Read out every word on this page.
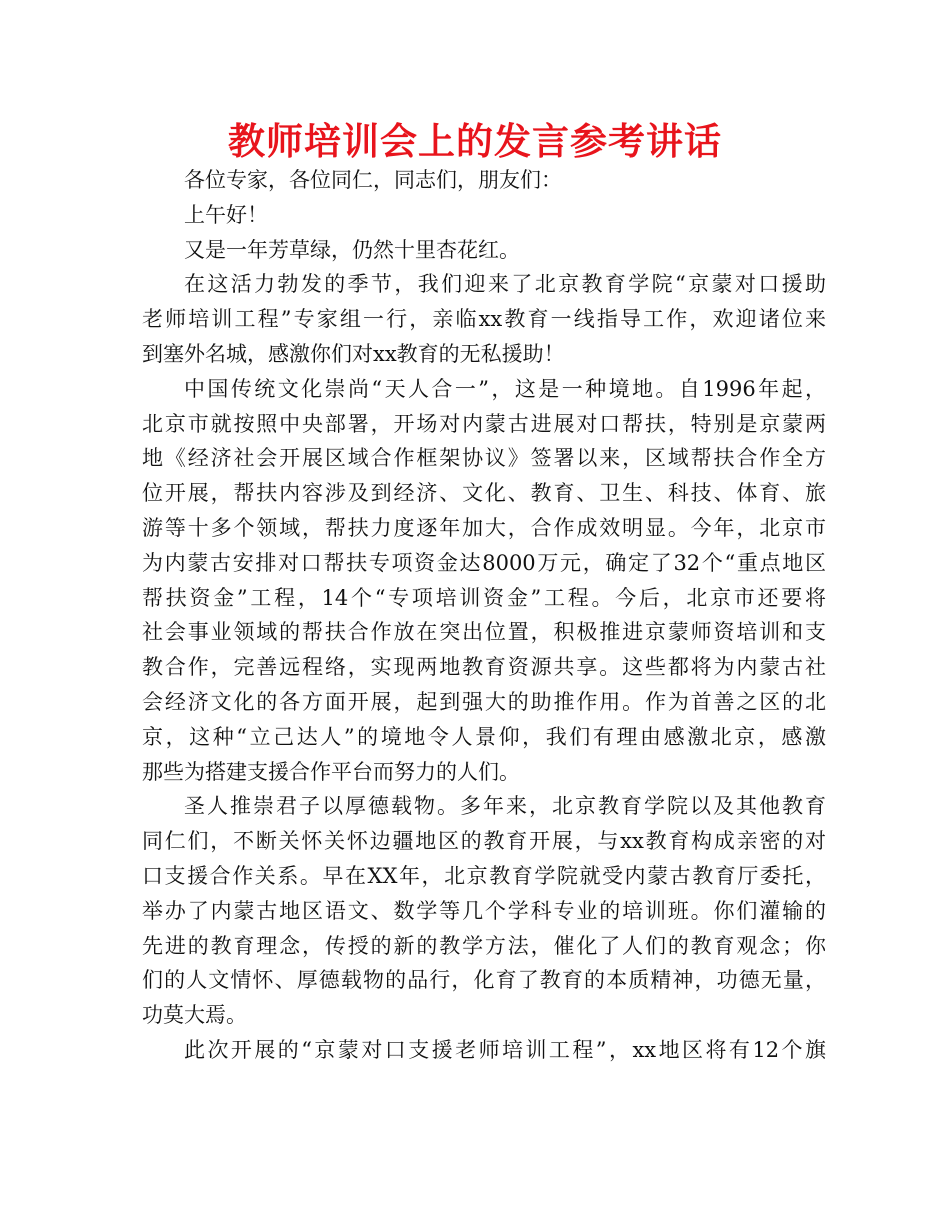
教师培训会上的发言参考讲话
各位专家，各位同仁，同志们，朋友们：
上午好！
又是一年芳草绿，仍然十里杏花红。
在这活力勃发的季节，我们迎来了北京教育学院“京蒙对口援助
老师培训工程”专家组一行，亲临xx教育一线指导工作，欢迎诸位来
到塞外名城，感激你们对xx教育的无私援助！
中国传统文化崇尚“天人合一”，这是一种境地。自1996年起，
北京市就按照中央部署，开场对内蒙古进展对口帮扶，特别是京蒙两
地《经济社会开展区域合作框架协议》签署以来，区域帮扶合作全方
位开展，帮扶内容涉及到经济、文化、教育、卫生、科技、体育、旅
游等十多个领域，帮扶力度逐年加大，合作成效明显。今年，北京市
为内蒙古安排对口帮扶专项资金达8000万元，确定了32个“重点地区
帮扶资金”工程，14个“专项培训资金”工程。今后，北京市还要将
社会事业领域的帮扶合作放在突出位置，积极推进京蒙师资培训和支
教合作，完善远程络，实现两地教育资源共享。这些都将为内蒙古社
会经济文化的各方面开展，起到强大的助推作用。作为首善之区的北
京，这种“立己达人”的境地令人景仰，我们有理由感激北京，感激
那些为搭建支援合作平台而努力的人们。
圣人推崇君子以厚德载物。多年来，北京教育学院以及其他教育
同仁们，不断关怀关怀边疆地区的教育开展，与xx教育构成亲密的对
口支援合作关系。早在XX年，北京教育学院就受内蒙古教育厅委托，
举办了内蒙古地区语文、数学等几个学科专业的培训班。你们灌输的
先进的教育理念，传授的新的教学方法，催化了人们的教育观念；你
们的人文情怀、厚德载物的品行，化育了教育的本质精神，功德无量，
功莫大焉。
此次开展的“京蒙对口支援老师培训工程”，xx地区将有12个旗
